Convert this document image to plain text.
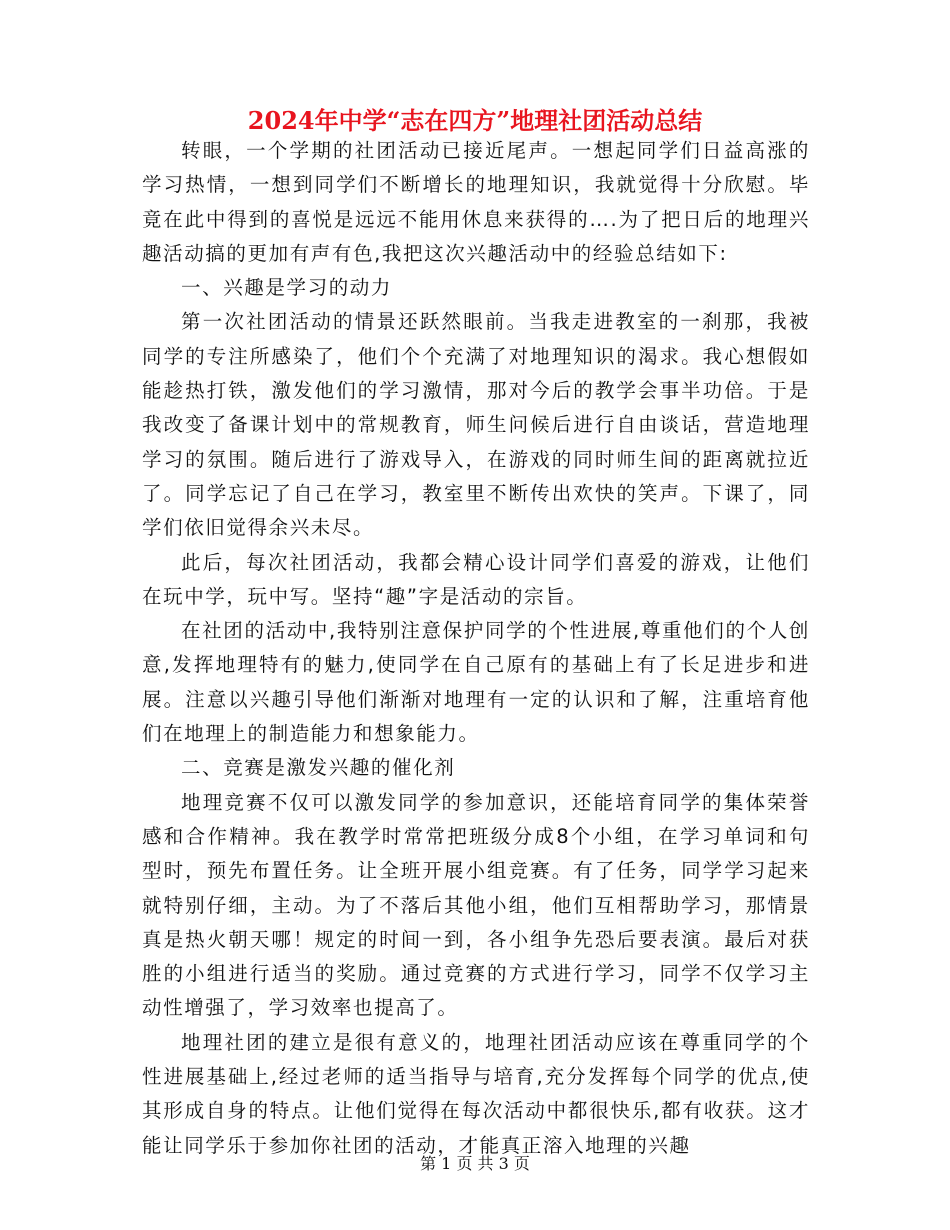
2024年中学“志在四方”地理社团活动总结

转眼，一个学期的社团活动已接近尾声。一想起同学们日益高涨的学习热情，一想到同学们不断增长的地理知识，我就觉得十分欣慰。毕竟在此中得到的喜悦是远远不能用休息来获得的….为了把日后的地理兴趣活动搞的更加有声有色,我把这次兴趣活动中的经验总结如下:

一、兴趣是学习的动力

第一次社团活动的情景还跃然眼前。当我走进教室的一刹那，我被同学的专注所感染了，他们个个充满了对地理知识的渴求。我心想假如能趁热打铁，激发他们的学习激情，那对今后的教学会事半功倍。于是我改变了备课计划中的常规教育，师生问候后进行自由谈话，营造地理学习的氛围。随后进行了游戏导入，在游戏的同时师生间的距离就拉近了。同学忘记了自己在学习，教室里不断传出欢快的笑声。下课了，同学们依旧觉得余兴未尽。

此后，每次社团活动，我都会精心设计同学们喜爱的游戏，让他们在玩中学，玩中写。坚持“趣”字是活动的宗旨。

在社团的活动中,我特别注意保护同学的个性进展,尊重他们的个人创意,发挥地理特有的魅力,使同学在自己原有的基础上有了长足进步和进展。注意以兴趣引导他们渐渐对地理有一定的认识和了解，注重培育他们在地理上的制造能力和想象能力。

二、竞赛是激发兴趣的催化剂

地理竞赛不仅可以激发同学的参加意识，还能培育同学的集体荣誉感和合作精神。我在教学时常常把班级分成8个小组，在学习单词和句型时，预先布置任务。让全班开展小组竞赛。有了任务，同学学习起来就特别仔细，主动。为了不落后其他小组，他们互相帮助学习，那情景真是热火朝天哪！规定的时间一到，各小组争先恐后要表演。最后对获胜的小组进行适当的奖励。通过竞赛的方式进行学习，同学不仅学习主动性增强了，学习效率也提高了。

地理社团的建立是很有意义的，地理社团活动应该在尊重同学的个性进展基础上,经过老师的适当指导与培育,充分发挥每个同学的优点,使其形成自身的特点。让他们觉得在每次活动中都很快乐,都有收获。这才能让同学乐于参加你社团的活动，才能真正溶入地理的兴趣

第 1 页 共 3 页
